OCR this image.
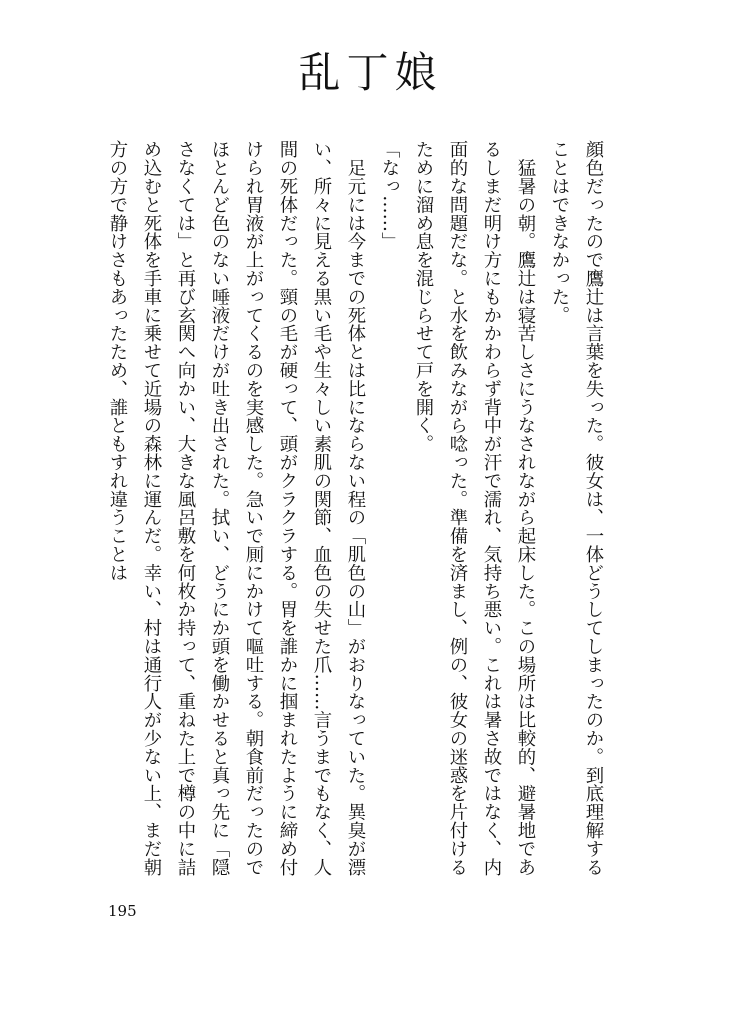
乱丁娘

顔色だったので鷹辻は言葉を失った。彼女は、一体どうしてしまったのか。到底理解することはできなかった。

　猛暑の朝。鷹辻は寝苦しさにうなされながら起床した。この場所は比較的、避暑地であるしまだ明け方にもかかわらず背中が汗で濡れ、気持ち悪い。これは暑さ故ではなく、内面的な問題だな。と水を飲みながら唸った。準備を済まし、例の、彼女の迷惑を片付けるために溜め息を混じらせて戸を開く。

「なっ……」

　足元には今までの死体とは比にならない程の「肌色の山」がおりなっていた。異臭が漂い、所々に見える黒い毛や生々しい素肌の関節、血色の失せた爪……言うまでもなく、人間の死体だった。頸の毛が硬って、頭がクラクラする。胃を誰かに掴まれたように締め付けられ胃液が上がってくるのを実感した。急いで厠にかけて嘔吐する。朝食前だったのでほとんど色のない唾液だけが吐き出された。拭い、どうにか頭を働かせると真っ先に「隠さなくては」と再び玄関へ向かい、大きな風呂敷を何枚か持って、重ねた上で樽の中に詰め込むと死体を手車に乗せて近場の森林に運んだ。幸い、村は通行人が少ない上、まだ朝方の方で静けさもあったため、誰ともすれ違うことは

195
